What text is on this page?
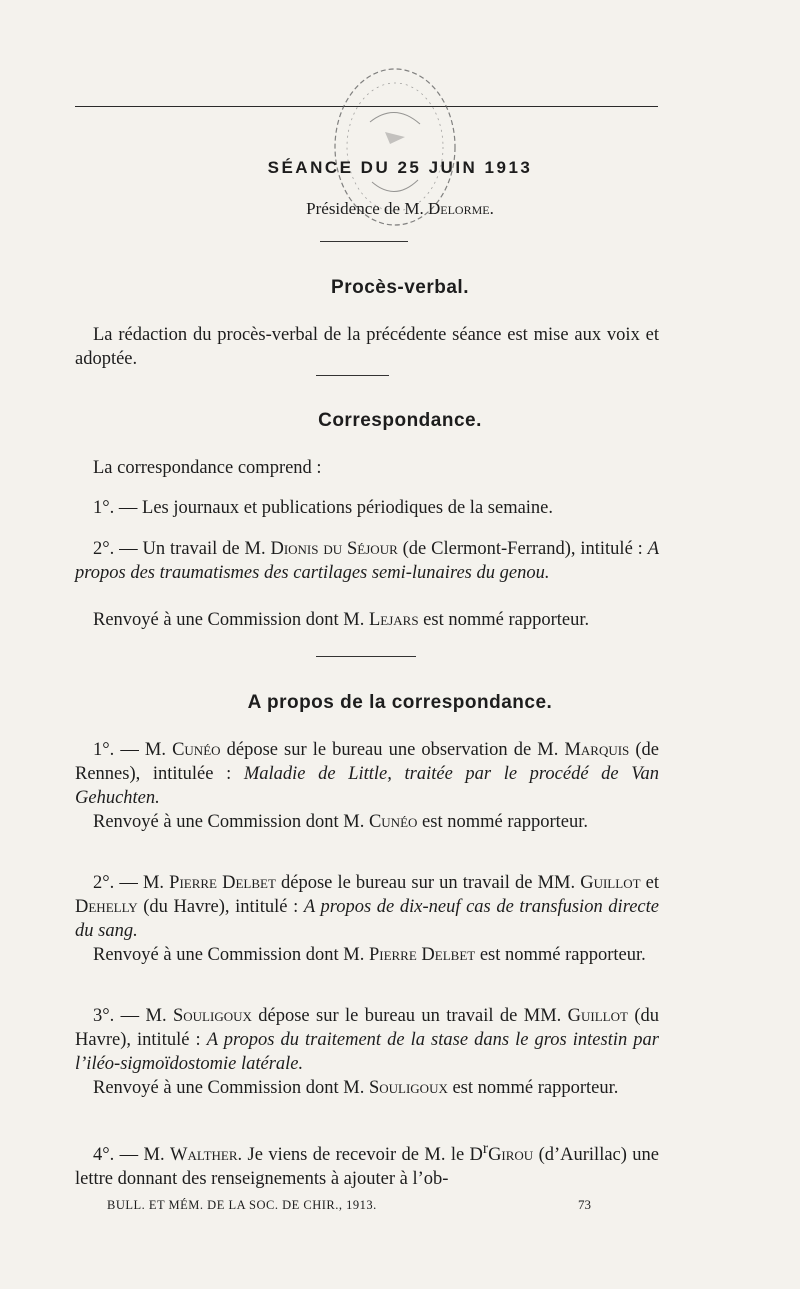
SÉANCE DU 25 JUIN 1913
Présidence de M. Delorme.
Procès-verbal.
La rédaction du procès-verbal de la précédente séance est mise aux voix et adoptée.
Correspondance.
La correspondance comprend :
1°. — Les journaux et publications périodiques de la semaine.
2°. — Un travail de M. Dionis du Séjour (de Clermont-Ferrand), intitulé : A propos des traumatismes des cartilages semi-lunaires du genou.
Renvoyé à une Commission dont M. Lejars est nommé rapporteur.
A propos de la correspondance.
1°. — M. Cunéo dépose sur le bureau une observation de M. Marquis (de Rennes), intitulée : Maladie de Little, traitée par le procédé de Van Gehuchten.
Renvoyé à une Commission dont M. Cunéo est nommé rapporteur.
2°. — M. Pierre Delbet dépose le bureau sur un travail de MM. Guillot et Dehelly (du Havre), intitulé : A propos de dix-neuf cas de transfusion directe du sang.
Renvoyé à une Commission dont M. Pierre Delbet est nommé rapporteur.
3°. — M. Souligoux dépose sur le bureau un travail de MM. Guillot (du Havre), intitulé : A propos du traitement de la stase dans le gros intestin par l’iléo-sigmoïdostomie latérale.
Renvoyé à une Commission dont M. Souligoux est nommé rapporteur.
4°. — M. Walther. Je viens de recevoir de M. le $D^rGirou$ (d’Aurillac) une lettre donnant des renseignements à ajouter à l’ob-
BULL. ET MÉM. DE LA SOC. DE CHIR., 1913.	73
